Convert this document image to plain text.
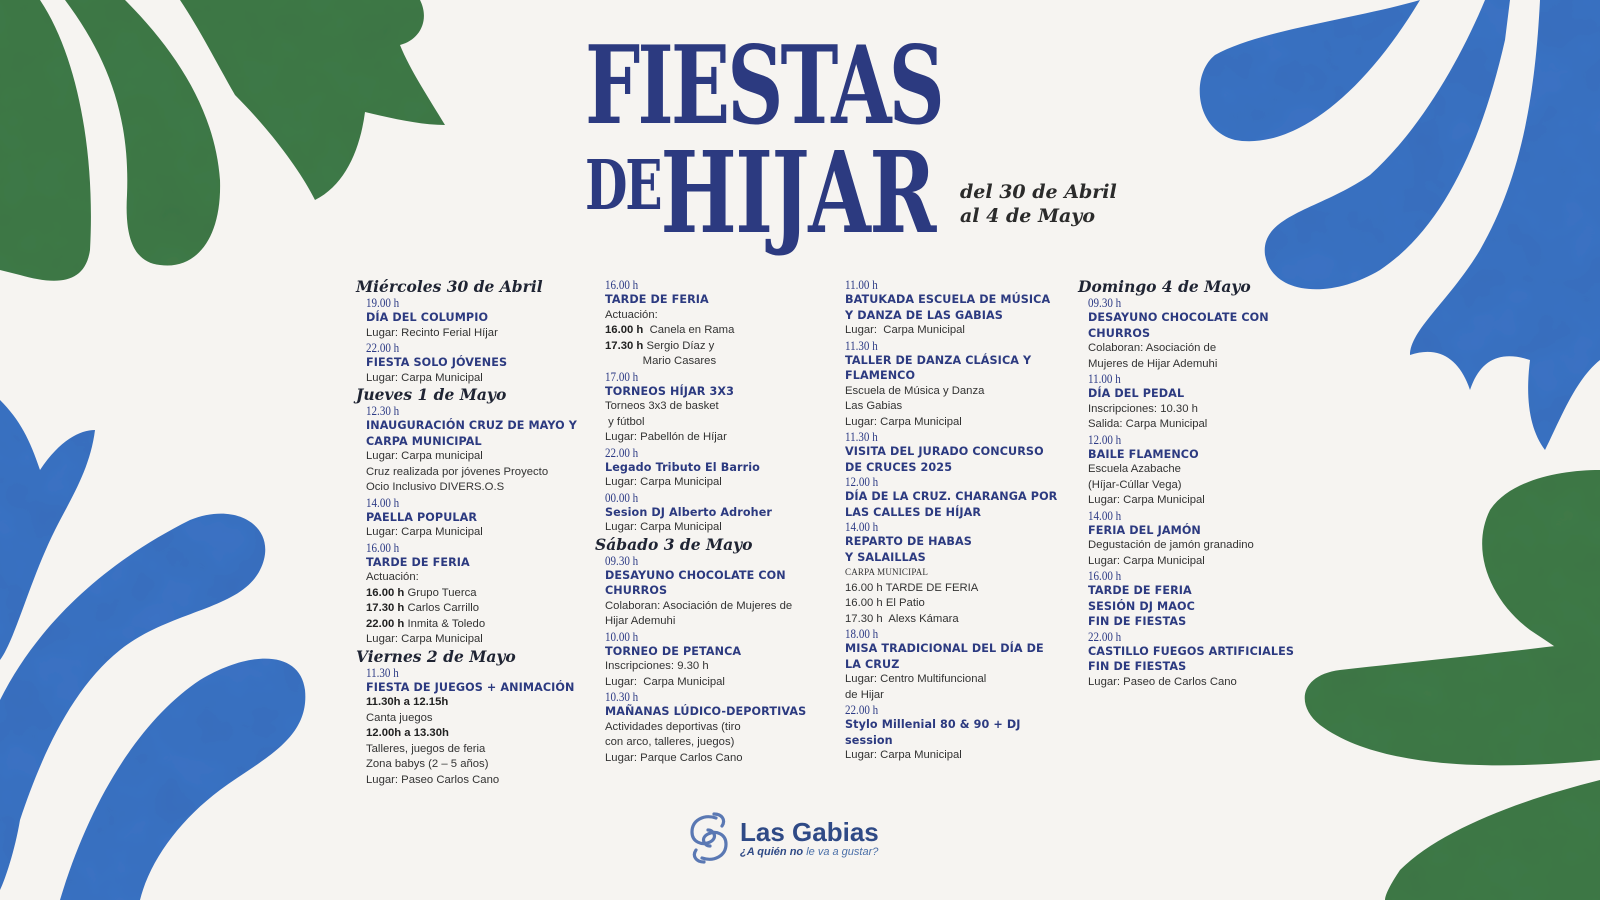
FIESTAS
DEHIJAR del 30 de Abril
al 4 de Mayo
Miércoles 30 de Abril
19.00 h
DÍA DEL COLUMPIO
Lugar: Recinto Ferial Híjar
22.00 h
FIESTA SOLO JÓVENES
Lugar: Carpa Municipal
Jueves 1 de Mayo
12.30 h
INAUGURACIÓN CRUZ DE MAYO Y
CARPA MUNICIPAL
Lugar: Carpa municipal
Cruz realizada por jóvenes Proyecto
Ocio Inclusivo DIVERS.O.S
14.00 h
PAELLA POPULAR
Lugar: Carpa Municipal
16.00 h
TARDE DE FERIA
Actuación:
16.00 h Grupo Tuerca
17.30 h Carlos Carrillo
22.00 h Inmita & Toledo
Lugar: Carpa Municipal
Viernes 2 de Mayo
11.30 h
FIESTA DE JUEGOS + ANIMACIÓN
11.30h a 12.15h
Canta juegos
12.00h a 13.30h
Talleres, juegos de feria
Zona babys (2 – 5 años)
Lugar: Paseo Carlos Cano
16.00 h
TARDE DE FERIA
Actuación:
16.00 h  Canela en Rama
17.30 h Sergio Díaz y
Mario Casares
17.00 h
TORNEOS HÍJAR 3X3
Torneos 3x3 de basket
y fútbol
Lugar: Pabellón de Híjar
22.00 h
Legado Tributo El Barrio
Lugar: Carpa Municipal
00.00 h
Sesion DJ Alberto Adroher
Lugar: Carpa Municipal
Sábado 3 de Mayo
09.30 h
DESAYUNO CHOCOLATE CON
CHURROS
Colaboran: Asociación de Mujeres de
Hijar Ademuhi
10.00 h
TORNEO DE PETANCA
Inscripciones: 9.30 h
Lugar:  Carpa Municipal
10.30 h
MAÑANAS LÚDICO-DEPORTIVAS
Actividades deportivas (tiro
con arco, talleres, juegos)
Lugar: Parque Carlos Cano
11.00 h
BATUKADA ESCUELA DE MÚSICA
Y DANZA DE LAS GABIAS
Lugar:  Carpa Municipal
11.30 h
TALLER DE DANZA CLÁSICA Y
FLAMENCO
Escuela de Música y Danza
Las Gabias
Lugar: Carpa Municipal
11.30 h
VISITA DEL JURADO CONCURSO
DE CRUCES 2025
12.00 h
DÍA DE LA CRUZ. CHARANGA POR
LAS CALLES DE HÍJAR
14.00 h
REPARTO DE HABAS
Y SALAILLAS
CARPA MUNICIPAL
16.00 h TARDE DE FERIA
16.00 h El Patio
17.30 h  Alexs Kámara
18.00 h
MISA TRADICIONAL DEL DÍA DE
LA CRUZ
Lugar: Centro Multifuncional
de Hijar
22.00 h
Stylo Millenial 80 & 90 + DJ
session
Lugar: Carpa Municipal
Domingo 4 de Mayo
09.30 h
DESAYUNO CHOCOLATE CON
CHURROS
Colaboran: Asociación de
Mujeres de Hijar Ademuhi
11.00 h
DÍA DEL PEDAL
Inscripciones: 10.30 h
Salida: Carpa Municipal
12.00 h
BAILE FLAMENCO
Escuela Azabache
(Híjar-Cúllar Vega)
Lugar: Carpa Municipal
14.00 h
FERIA DEL JAMÓN
Degustación de jamón granadino
Lugar: Carpa Municipal
16.00 h
TARDE DE FERIA
SESIÓN DJ MAOC
FIN DE FIESTAS
22.00 h
CASTILLO FUEGOS ARTIFICIALES
FIN DE FIESTAS
Lugar: Paseo de Carlos Cano
Las Gabias
¿A quién no le va a gustar?
